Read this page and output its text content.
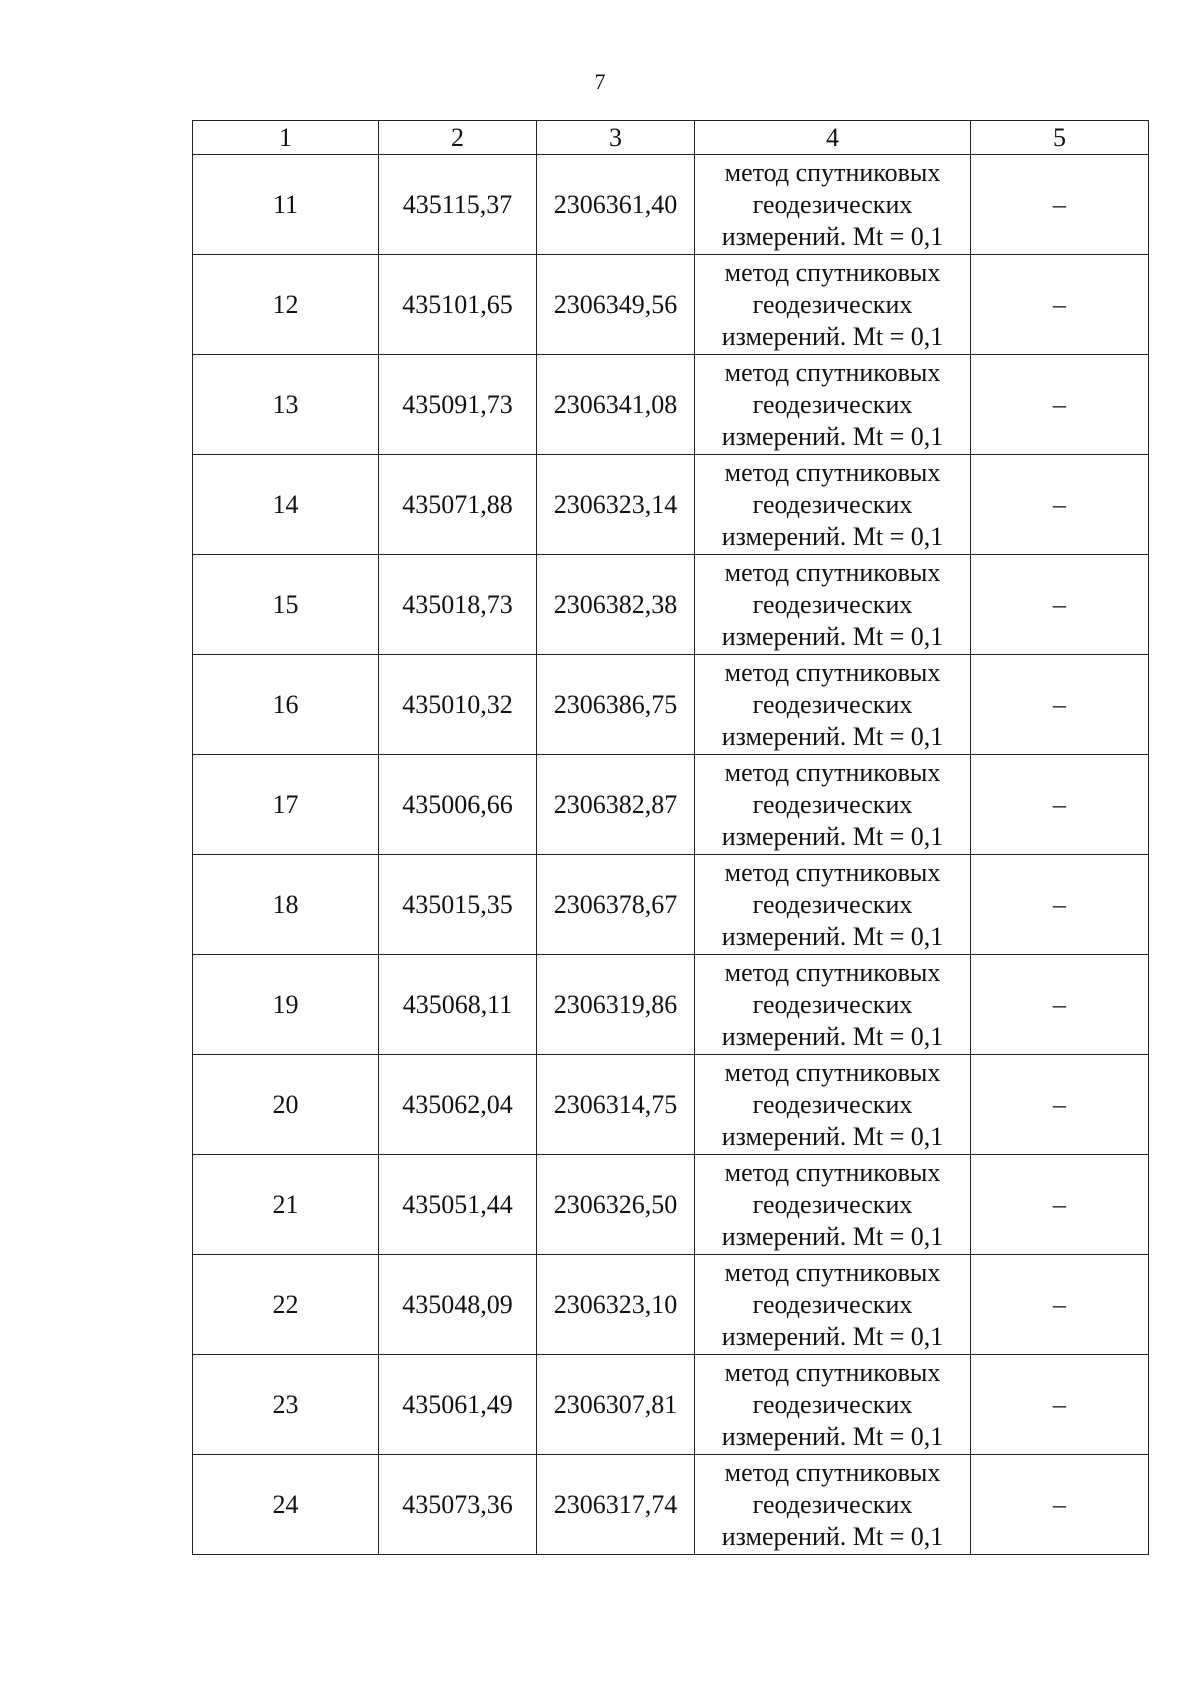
7
1	2	3	4	5
11	435115,37	2306361,40	метод спутниковых
геодезических
измерений. Mt = 0,1	–
12	435101,65	2306349,56	метод спутниковых
геодезических
измерений. Mt = 0,1	–
13	435091,73	2306341,08	метод спутниковых
геодезических
измерений. Mt = 0,1	–
14	435071,88	2306323,14	метод спутниковых
геодезических
измерений. Mt = 0,1	–
15	435018,73	2306382,38	метод спутниковых
геодезических
измерений. Mt = 0,1	–
16	435010,32	2306386,75	метод спутниковых
геодезических
измерений. Mt = 0,1	–
17	435006,66	2306382,87	метод спутниковых
геодезических
измерений. Mt = 0,1	–
18	435015,35	2306378,67	метод спутниковых
геодезических
измерений. Mt = 0,1	–
19	435068,11	2306319,86	метод спутниковых
геодезических
измерений. Mt = 0,1	–
20	435062,04	2306314,75	метод спутниковых
геодезических
измерений. Mt = 0,1	–
21	435051,44	2306326,50	метод спутниковых
геодезических
измерений. Mt = 0,1	–
22	435048,09	2306323,10	метод спутниковых
геодезических
измерений. Mt = 0,1	–
23	435061,49	2306307,81	метод спутниковых
геодезических
измерений. Mt = 0,1	–
24	435073,36	2306317,74	метод спутниковых
геодезических
измерений. Mt = 0,1	–
